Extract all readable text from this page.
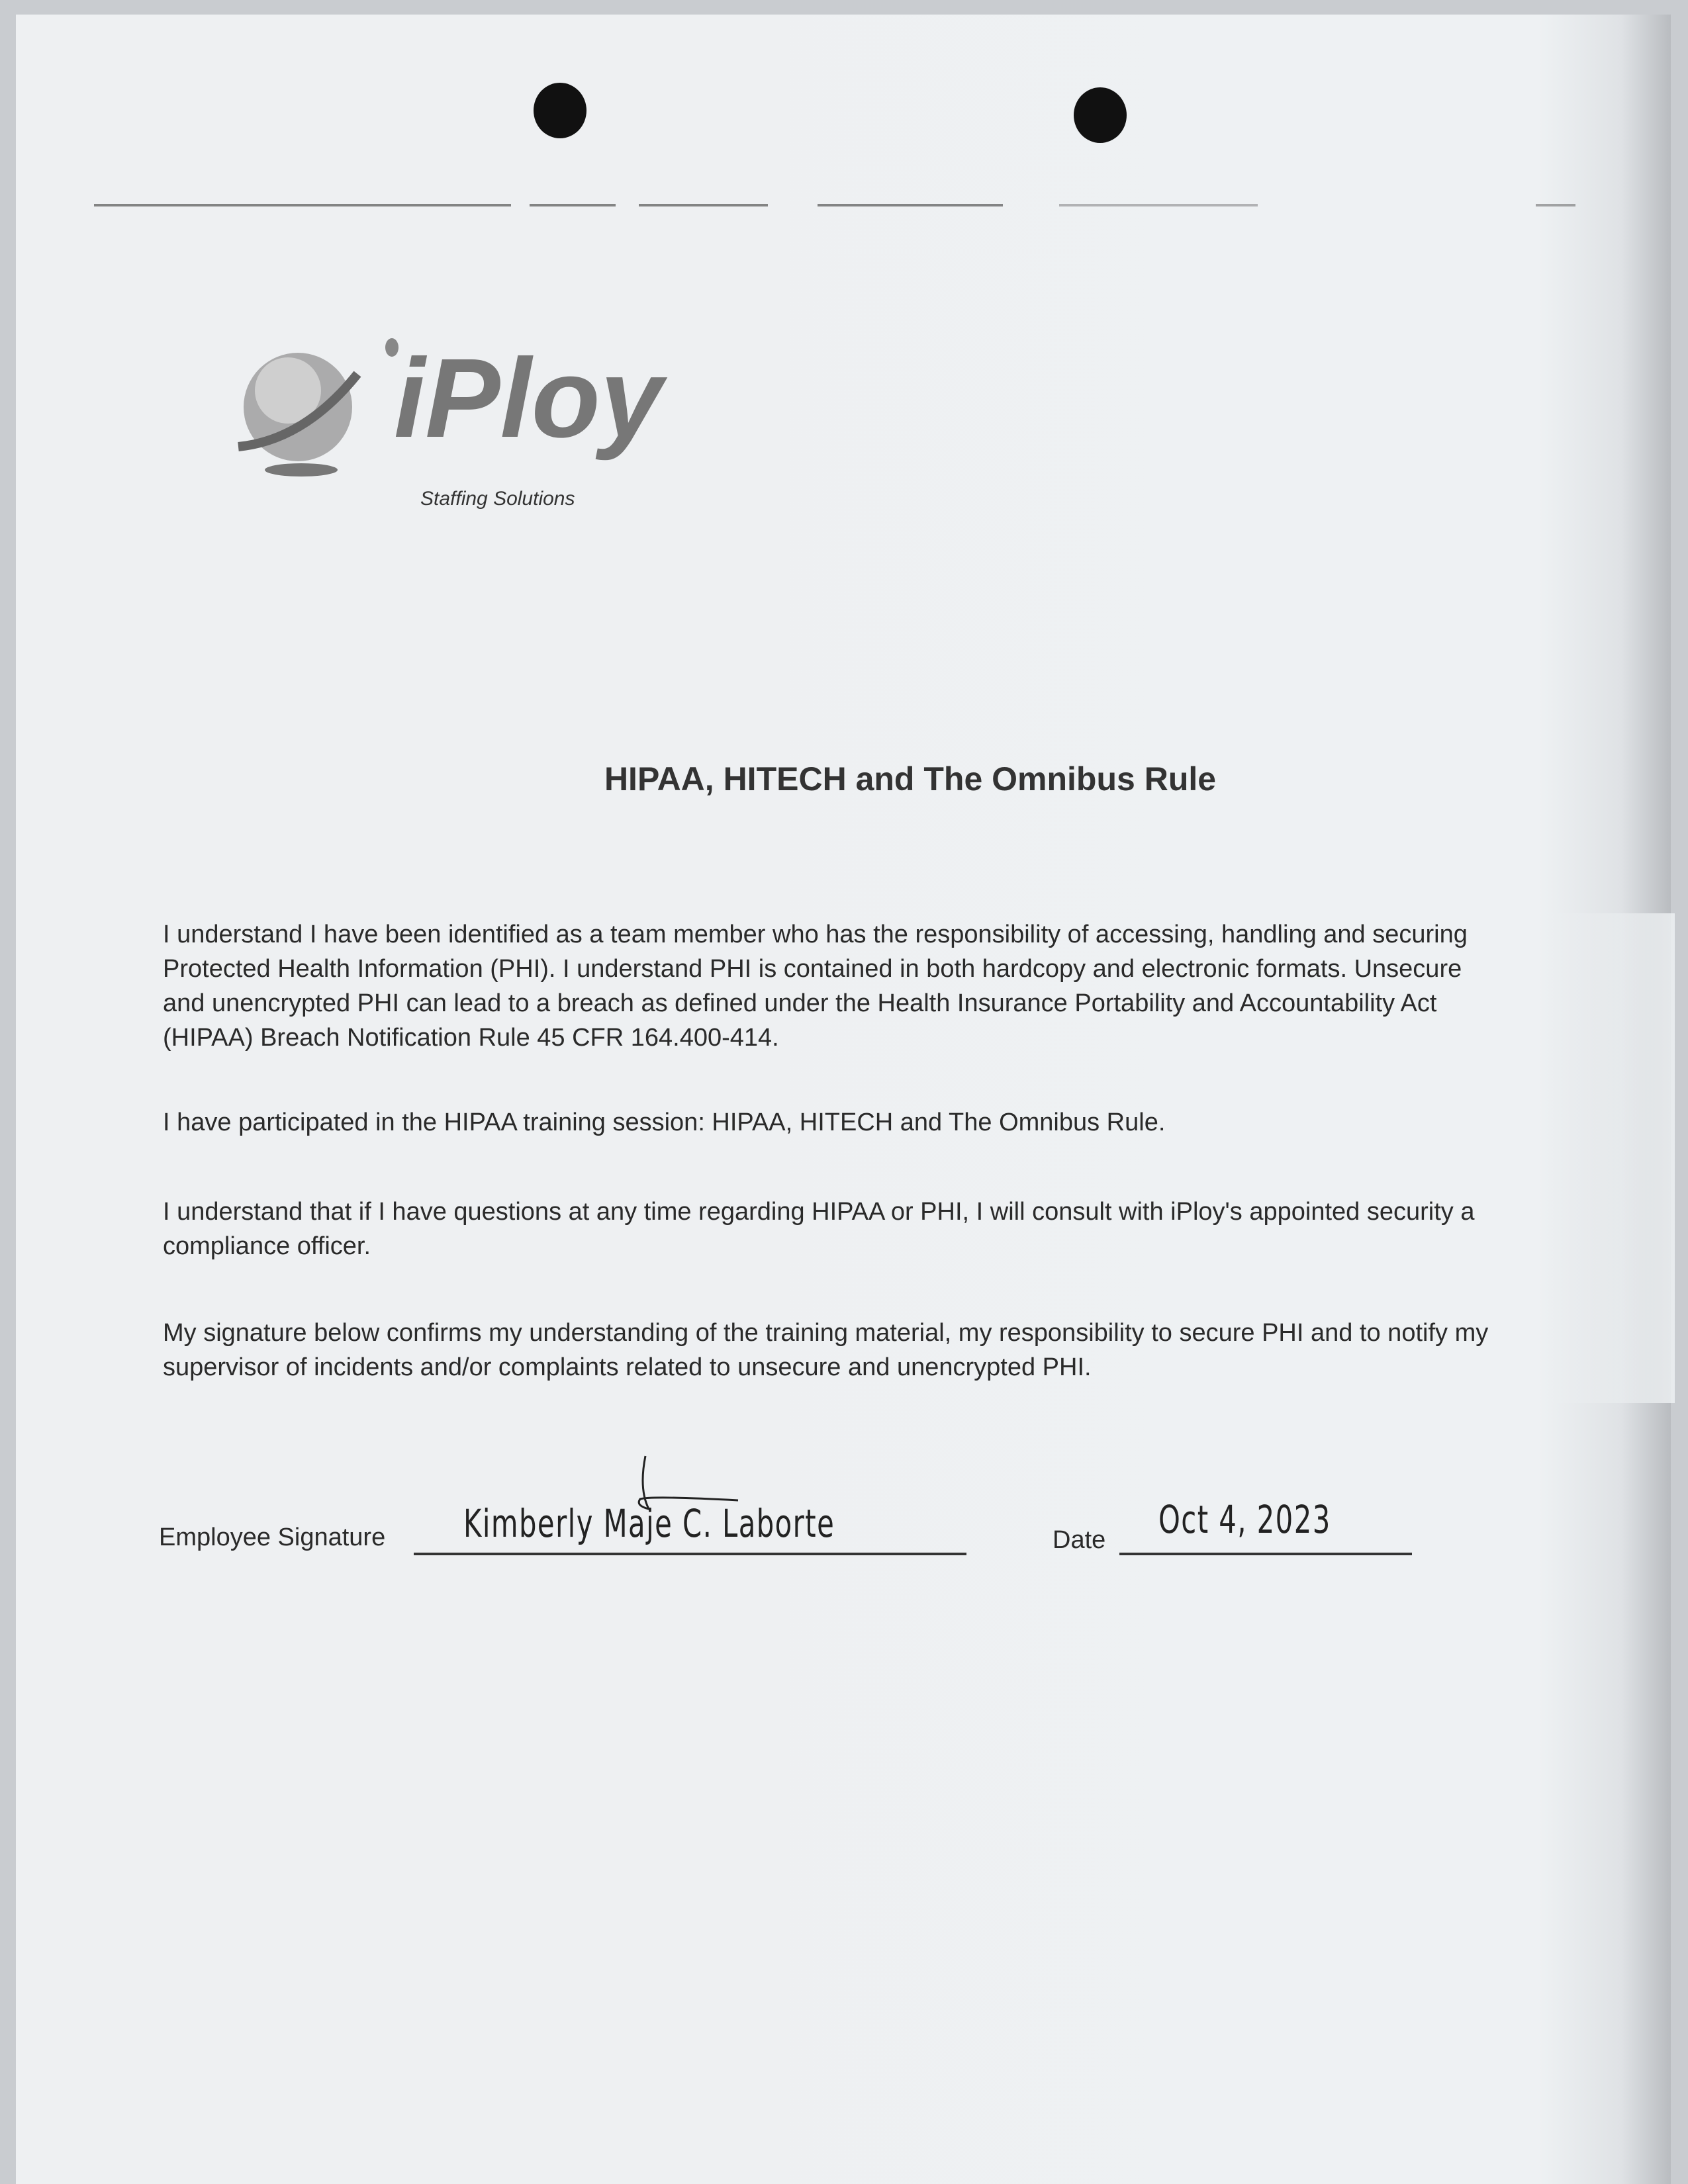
iPloy
Staffing Solutions
HIPAA, HITECH and The Omnibus Rule
I understand I have been identified as a team member who has the responsibility of accessing, handling and securing
Protected Health Information (PHI). I understand PHI is contained in both hardcopy and electronic formats. Unsecure
and unencrypted PHI can lead to a breach as defined under the Health Insurance Portability and Accountability Act
(HIPAA) Breach Notification Rule 45 CFR 164.400-414.
I have participated in the HIPAA training session: HIPAA, HITECH and The Omnibus Rule.
I understand that if I have questions at any time regarding HIPAA or PHI, I will consult with iPloy's appointed security a
compliance officer.
My signature below confirms my understanding of the training material, my responsibility to secure PHI and to notify my
supervisor of incidents and/or complaints related to unsecure and unencrypted PHI.
Employee Signature Kimberly Maje C. Laborte	Date Oct 4, 2023
